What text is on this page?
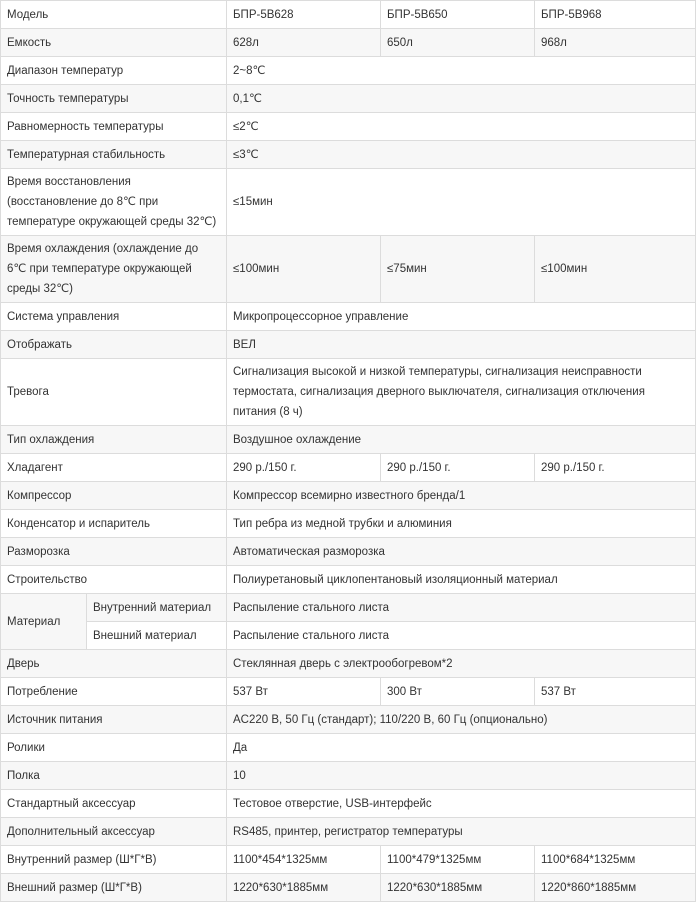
Модель		БПР-5В628	БПР-5В650	БПР-5В968
Емкость		628л	650л	968л
Диапазон температур		2~8℃		
Точность температуры		0,1℃		
Равномерность температуры		≤2℃		
Температурная стабильность		≤3℃		
Время восстановления (восстановление до 8℃ при температуре окружающей среды 32℃)		≤15мин		
Время охлаждения (охлаждение до 6℃ при температуре окружающей среды 32℃)		≤100мин	≤75мин	≤100мин
Система управления		Микропроцессорное управление		
Отображать		ВЕЛ		
Тревога		Сигнализация высокой и низкой температуры, сигнализация неисправности термостата, сигнализация дверного выключателя, сигнализация отключения питания (8 ч)		
Тип охлаждения		Воздушное охлаждение		
Хладагент		290 р./150 г.	290 р./150 г.	290 р./150 г.
Компрессор		Компрессор всемирно известного бренда/1		
Конденсатор и испаритель		Тип ребра из медной трубки и алюминия		
Разморозка		Автоматическая разморозка		
Строительство		Полиуретановый циклопентановый изоляционный материал		
Материал	Внутренний материал	Распыление стального листа		
	Внешний материал	Распыление стального листа		
Дверь		Стеклянная дверь с электрообогревом*2		
Потребление		537 Вт	300 Вт	537 Вт
Источник питания		AC220 В, 50 Гц (стандарт); 110/220 В, 60 Гц (опционально)		
Ролики		Да		
Полка		10		
Стандартный аксессуар		Тестовое отверстие, USB-интерфейс		
Дополнительный аксессуар		RS485, принтер, регистратор температуры		
Внутренний размер (Ш*Г*В)		1100*454*1325мм	1100*479*1325мм	1100*684*1325мм
Внешний размер (Ш*Г*В)		1220*630*1885мм	1220*630*1885мм	1220*860*1885мм
